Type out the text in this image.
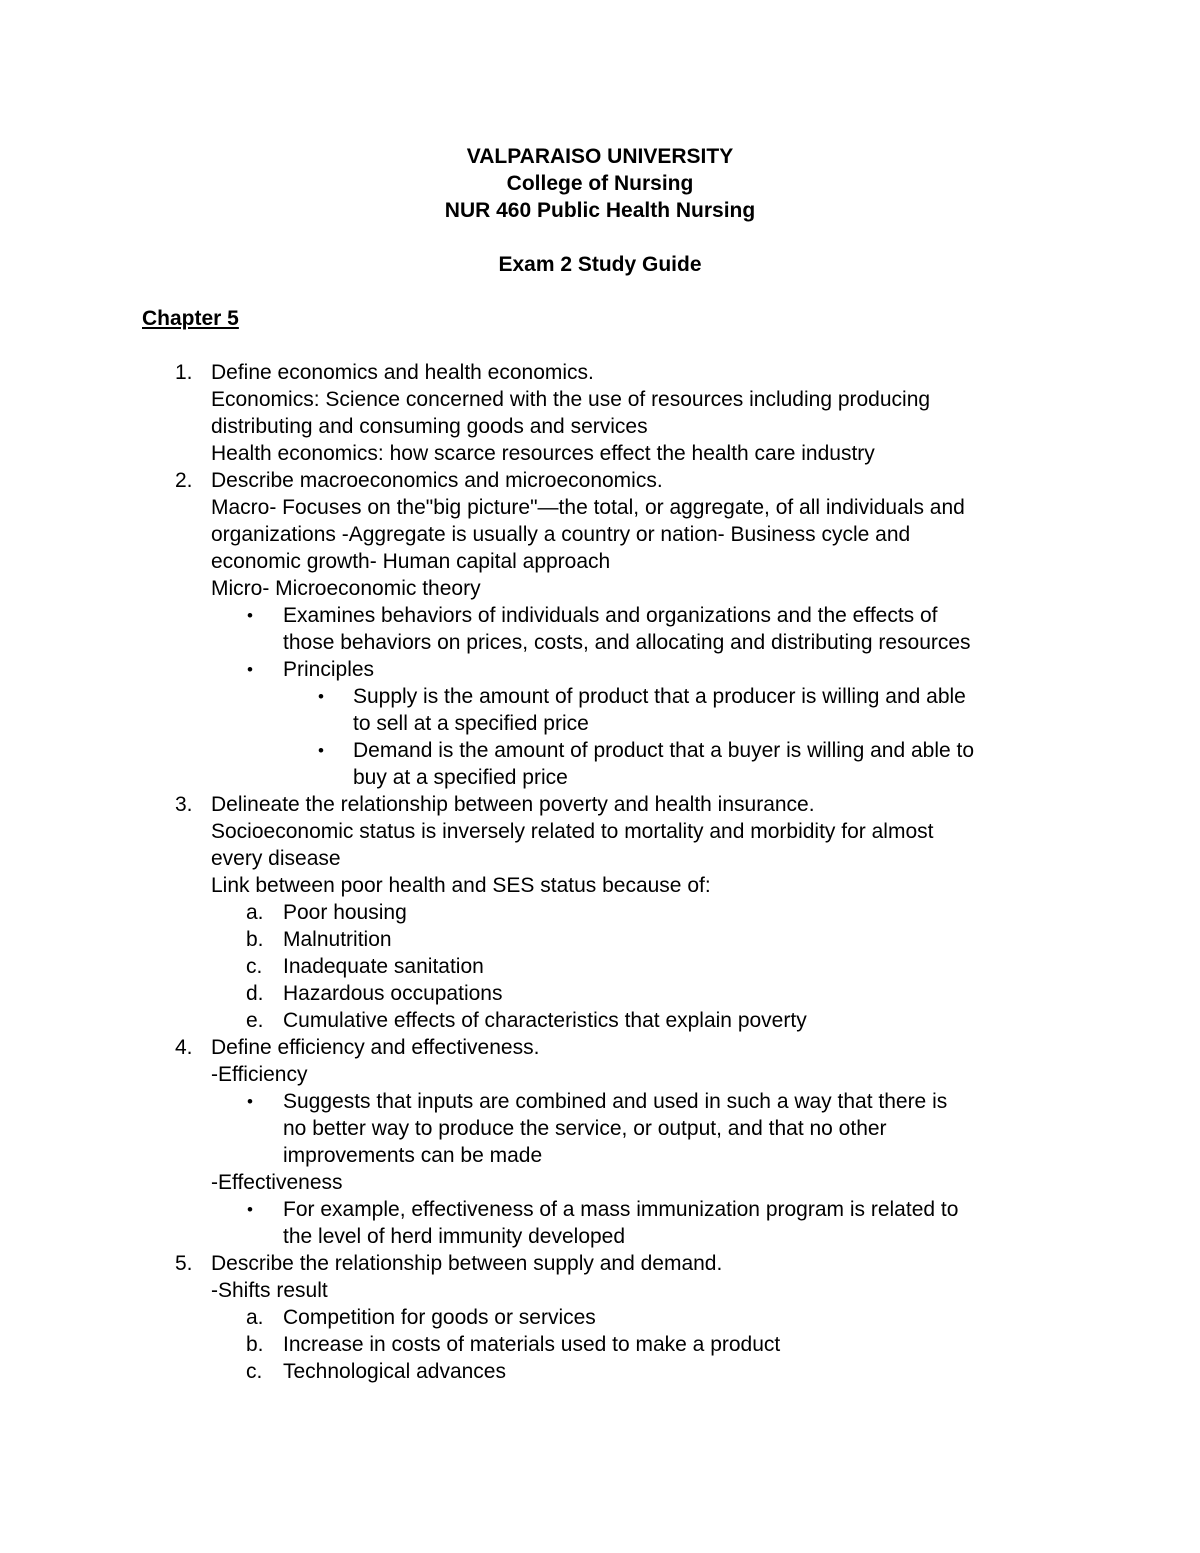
VALPARAISO UNIVERSITY
College of Nursing
NUR 460 Public Health Nursing
Exam 2 Study Guide
Chapter 5
1. Define economics and health economics.
Economics: Science concerned with the use of resources including producing
distributing and consuming goods and services
Health economics: how scarce resources effect the health care industry
2. Describe macroeconomics and microeconomics.
Macro- Focuses on the"big picture"—the total, or aggregate, of all individuals and
organizations -Aggregate is usually a country or nation- Business cycle and
economic growth- Human capital approach
Micro- Microeconomic theory
• Examines behaviors of individuals and organizations and the effects of
those behaviors on prices, costs, and allocating and distributing resources
• Principles
• Supply is the amount of product that a producer is willing and able
to sell at a specified price
• Demand is the amount of product that a buyer is willing and able to
buy at a specified price
3. Delineate the relationship between poverty and health insurance.
Socioeconomic status is inversely related to mortality and morbidity for almost
every disease
Link between poor health and SES status because of:
a. Poor housing
b. Malnutrition
c. Inadequate sanitation
d. Hazardous occupations
e. Cumulative effects of characteristics that explain poverty
4. Define efficiency and effectiveness.
-Efficiency
• Suggests that inputs are combined and used in such a way that there is
no better way to produce the service, or output, and that no other
improvements can be made
-Effectiveness
• For example, effectiveness of a mass immunization program is related to
the level of herd immunity developed
5. Describe the relationship between supply and demand.
-Shifts result
a. Competition for goods or services
b. Increase in costs of materials used to make a product
c. Technological advances
